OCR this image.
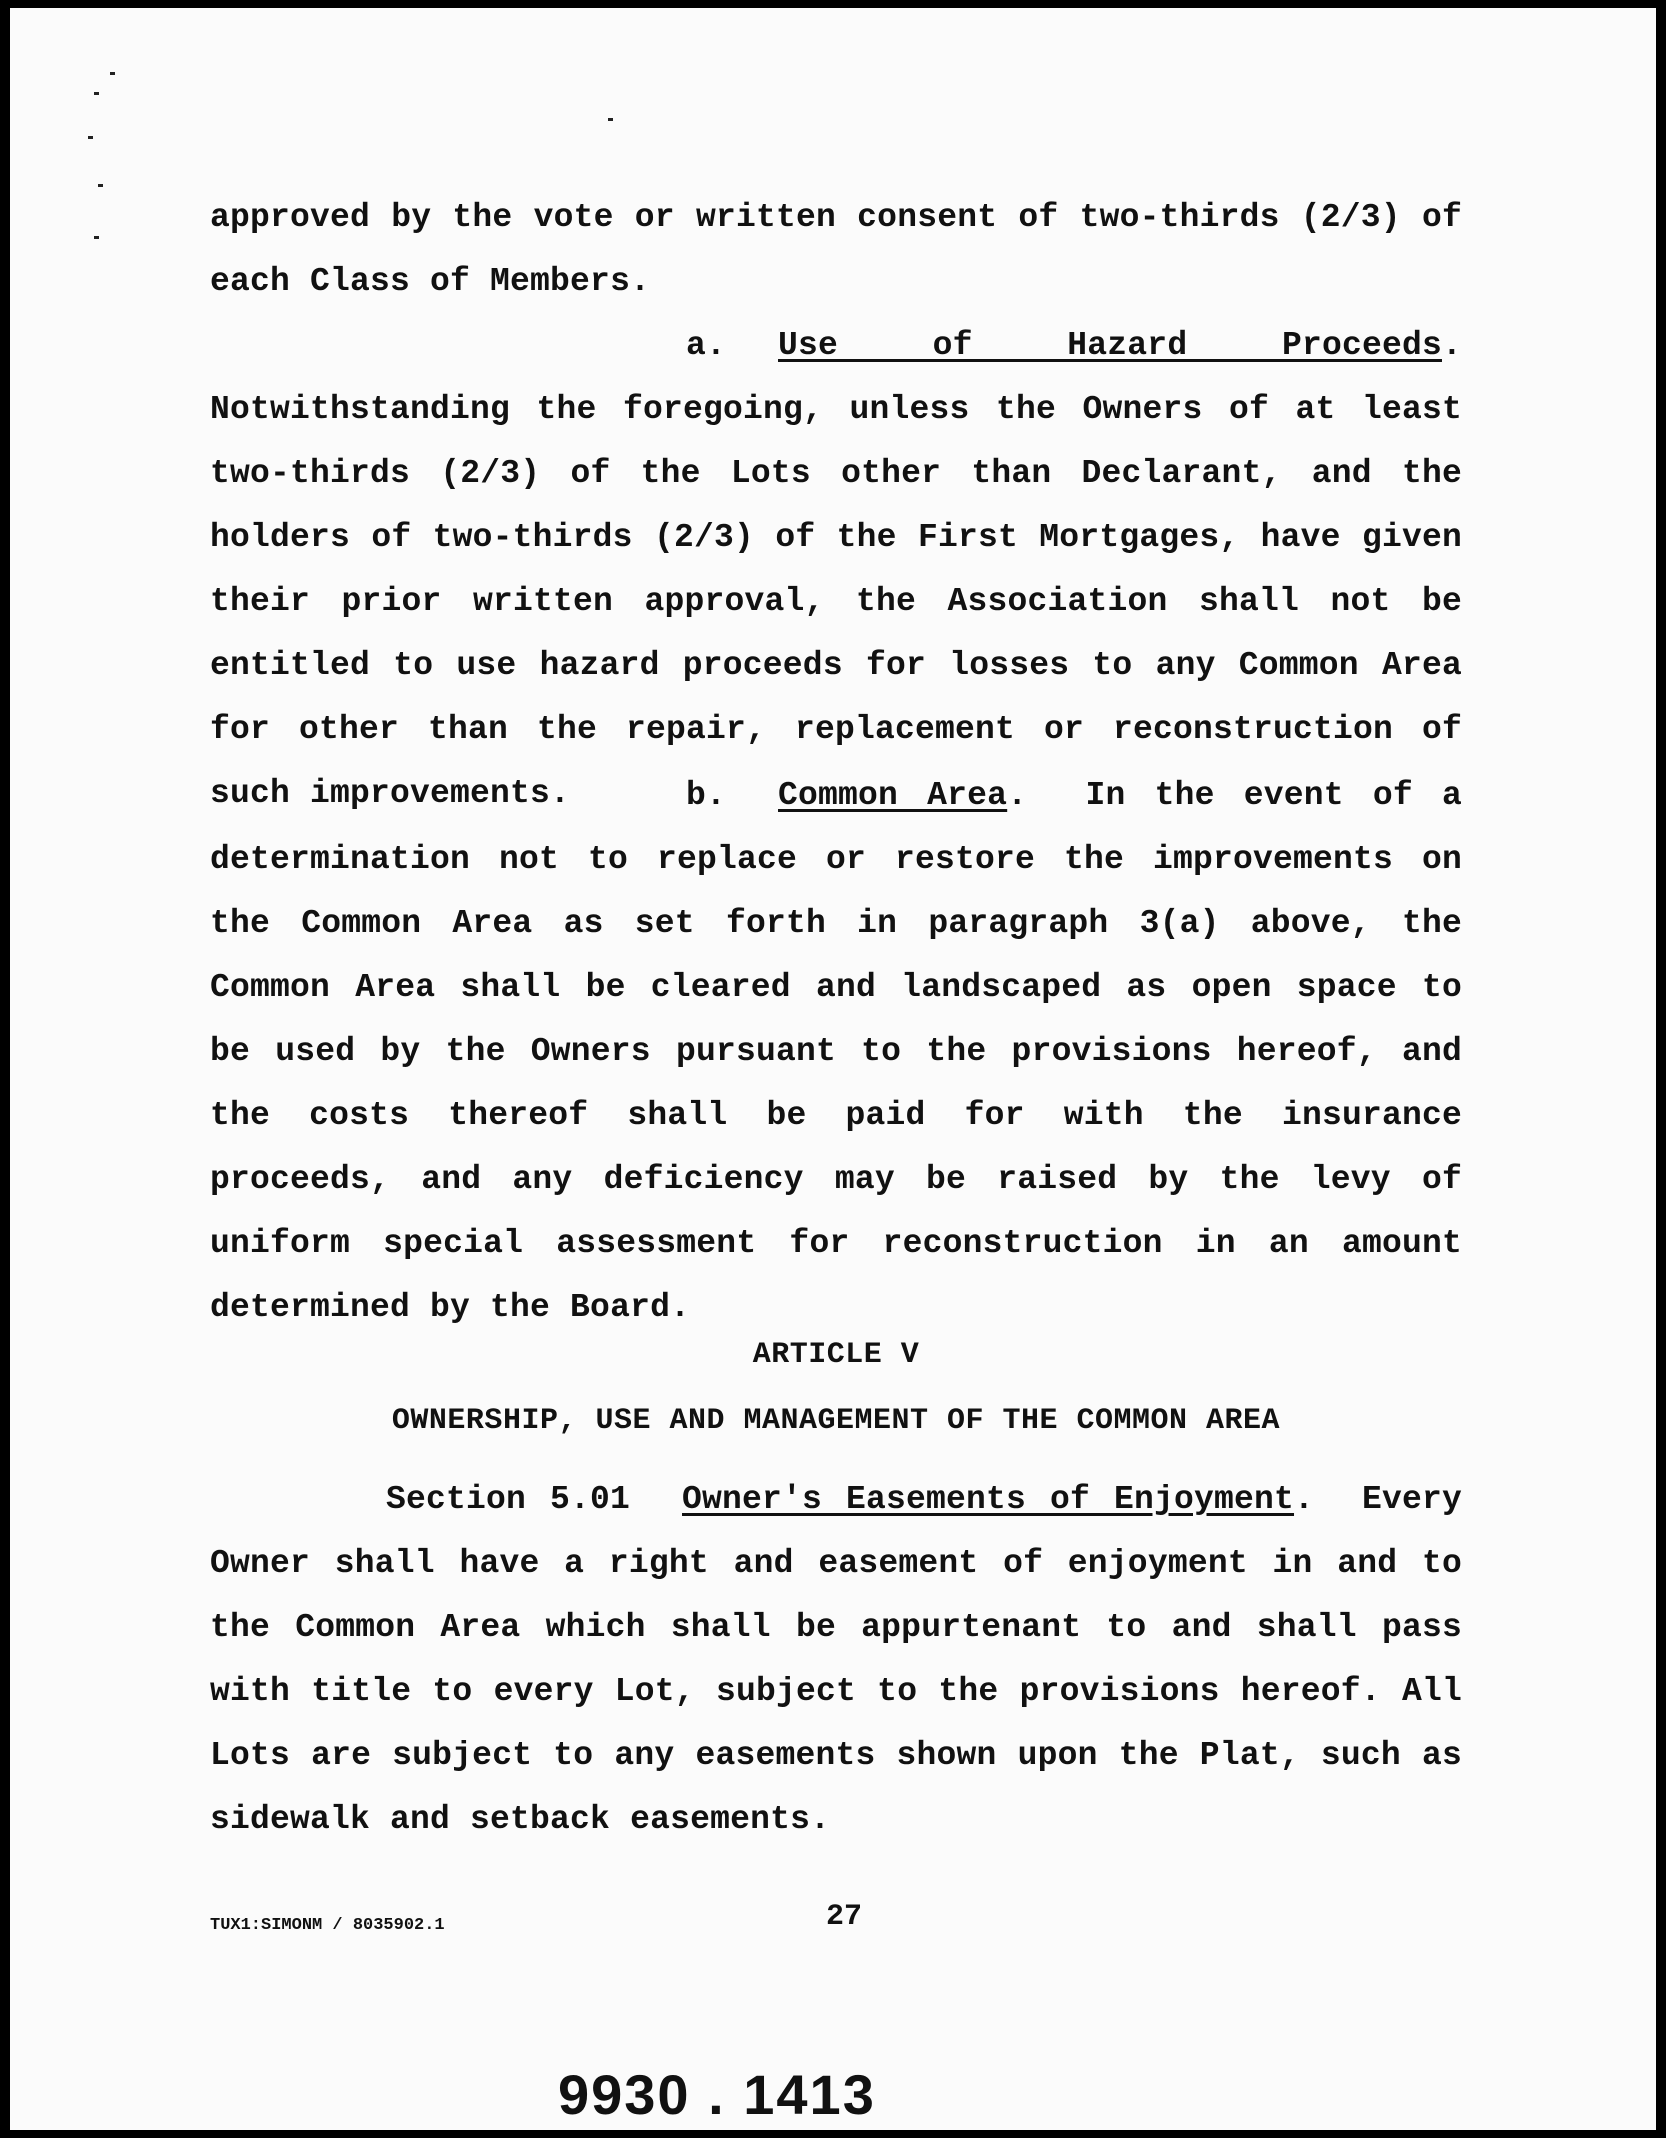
approved by the vote or written consent of two-thirds (2/3) of each Class of Members.

a. Use of Hazard Proceeds. Notwithstanding the foregoing, unless the Owners of at least two-thirds (2/3) of the Lots other than Declarant, and the holders of two-thirds (2/3) of the First Mortgages, have given their prior written approval, the Association shall not be entitled to use hazard proceeds for losses to any Common Area for other than the repair, replacement or reconstruction of such improvements.	b. Common Area.  In the event of a determination not to replace or restore the improvements on the Common Area as set forth in paragraph 3(a) above, the Common Area shall be cleared and landscaped as open space to be used by the Owners pursuant to the provisions hereof, and the costs thereof shall be paid for with the insurance proceeds, and any deficiency may be raised by the levy of uniform special assessment for reconstruction in an amount determined by the Board.

ARTICLE V
OWNERSHIP, USE AND MANAGEMENT OF THE COMMON AREA

Section 5.01 Owner's Easements of Enjoyment.  Every Owner shall have a right and easement of enjoyment in and to the Common Area which shall be appurtenant to and shall pass with title to every Lot, subject to the provisions hereof. All Lots are subject to any easements shown upon the Plat, such as sidewalk and setback easements.

TUX1:SIMONM / 8035902.1	27
9930 . 1413
